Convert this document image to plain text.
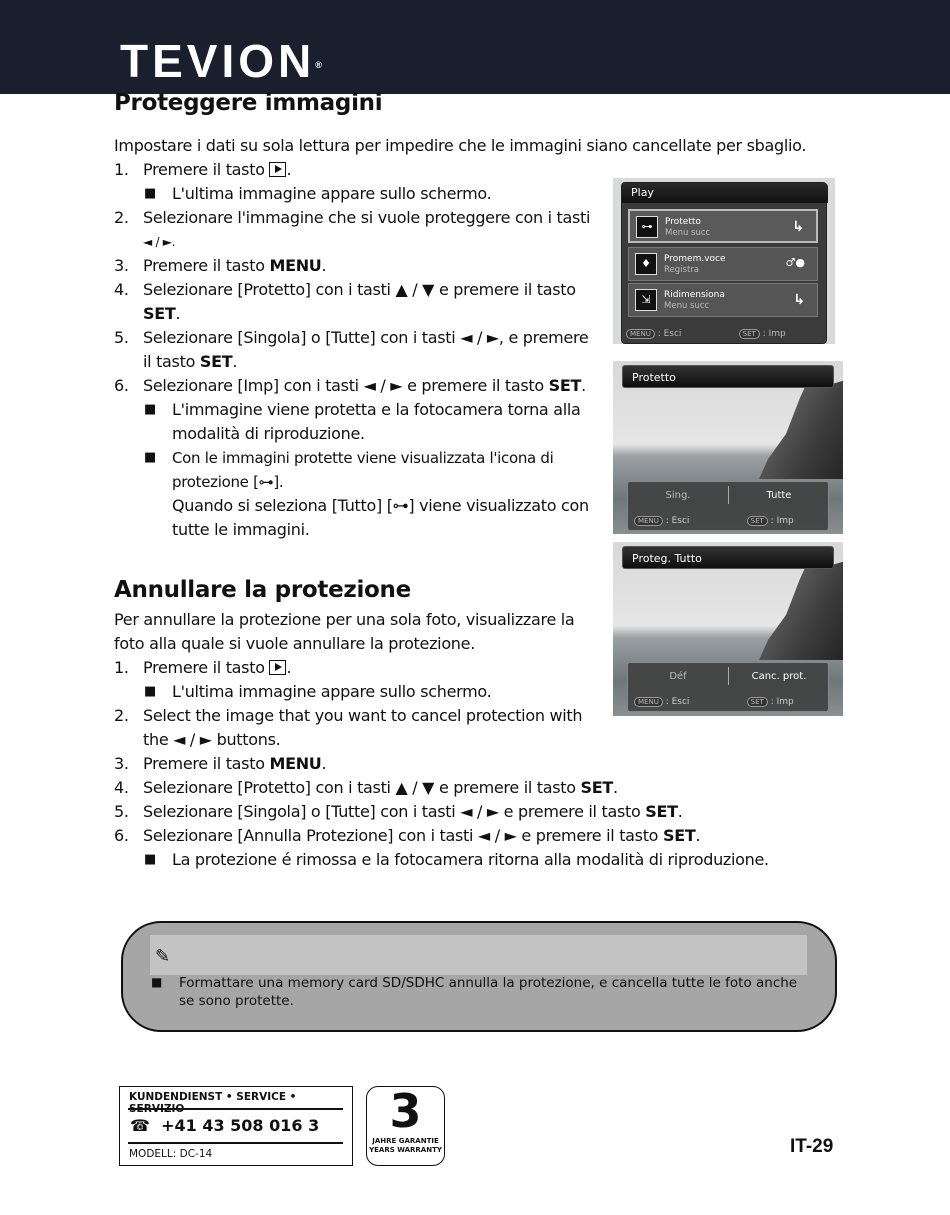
TEVION®
Proteggere immagini
Impostare i dati su sola lettura per impedire che le immagini siano cancellate per sbaglio.
1. Premere il tasto .
■ L'ultima immagine appare sullo schermo.
2. Selezionare l'immagine che si vuole proteggere con i tasti
◄ / ►.
3. Premere il tasto MENU.
4. Selezionare [Protetto] con i tasti ▲ / ▼ e premere il tasto
SET.
5. Selezionare [Singola] o [Tutte] con i tasti ◄ / ►, e premere
il tasto SET.
6. Selezionare [Imp] con i tasti ◄ / ► e premere il tasto SET.
■ L'immagine viene protetta e la fotocamera torna alla
modalità di riproduzione.
■ Con le immagini protette viene visualizzata l'icona di
protezione [⊶].
Quando si seleziona [Tutto] [⊶] viene visualizzato con
tutte le immagini.
Annullare la protezione
Per annullare la protezione per una sola foto, visualizzare la
foto alla quale si vuole annullare la protezione.
1. Premere il tasto .
■ L'ultima immagine appare sullo schermo.
2. Select the image that you want to cancel protection with
the ◄ / ► buttons.
3. Premere il tasto MENU.
4. Selezionare [Protetto] con i tasti ▲ / ▼ e premere il tasto SET.
5. Selezionare [Singola] o [Tutte] con i tasti ◄ / ► e premere il tasto SET.
6. Selezionare [Annulla Protezione] con i tasti ◄ / ► e premere il tasto SET.
■ La protezione é rimossa e la fotocamera ritorna alla modalità di riproduzione.
Play
⊶	Protetto
Menu succ	↳
♦	Promem.voce
Registra
♂●
⇲	Ridimensiona
Menu succ	↳
MENU : Esci	SET : Imp
Protetto
Sing.	Tutte
MENU : Esci	SET : Imp
Proteg. Tutto
Déf	Canc. prot.
MENU : Esci	SET : Imp
✎
■ Formattare una memory card SD/SDHC annulla la protezione, e cancella tutte le foto anche se sono protette.
KUNDENDIENST • SERVICE •
☎ +41 43 508 016 3
MODELL: DC-14
3
JAHRE GARANTIE
YEARS WARRANTY	IT-29
